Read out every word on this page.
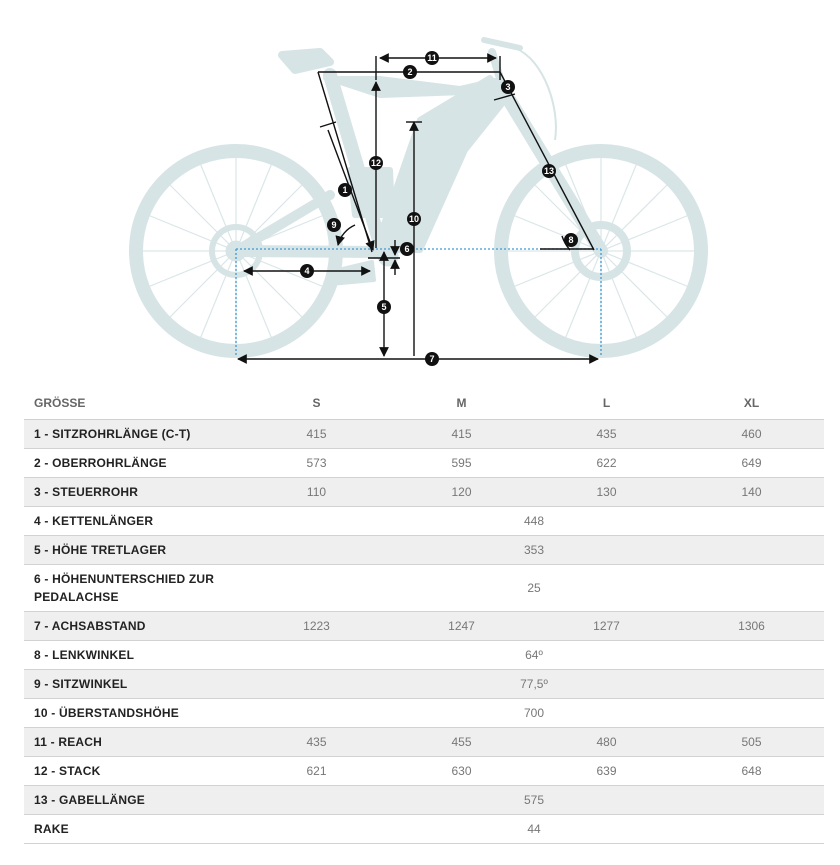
1
2
3
4
5
6
7
8
9
10
11
12
13
GRÖSSE	S	M	L	XL
1 - SITZROHRLÄNGE (C-T)	415	415	435	460
2 - OBERROHRLÄNGE	573	595	622	649
3 - STEUERROHR	110	120	130	140
4 - KETTENLÄNGER	448			
5 - HÖHE TRETLAGER	353			
6 - HÖHENUNTERSCHIED ZUR PEDALACHSE	25			
7 - ACHSABSTAND	1223	1247	1277	1306
8 - LENKWINKEL	64º			
9 - SITZWINKEL	77,5º			
10 - ÜBERSTANDSHÖHE	700			
11 - REACH	435	455	480	505
12 - STACK	621	630	639	648
13 - GABELLÄNGE	575			
RAKE	44			
